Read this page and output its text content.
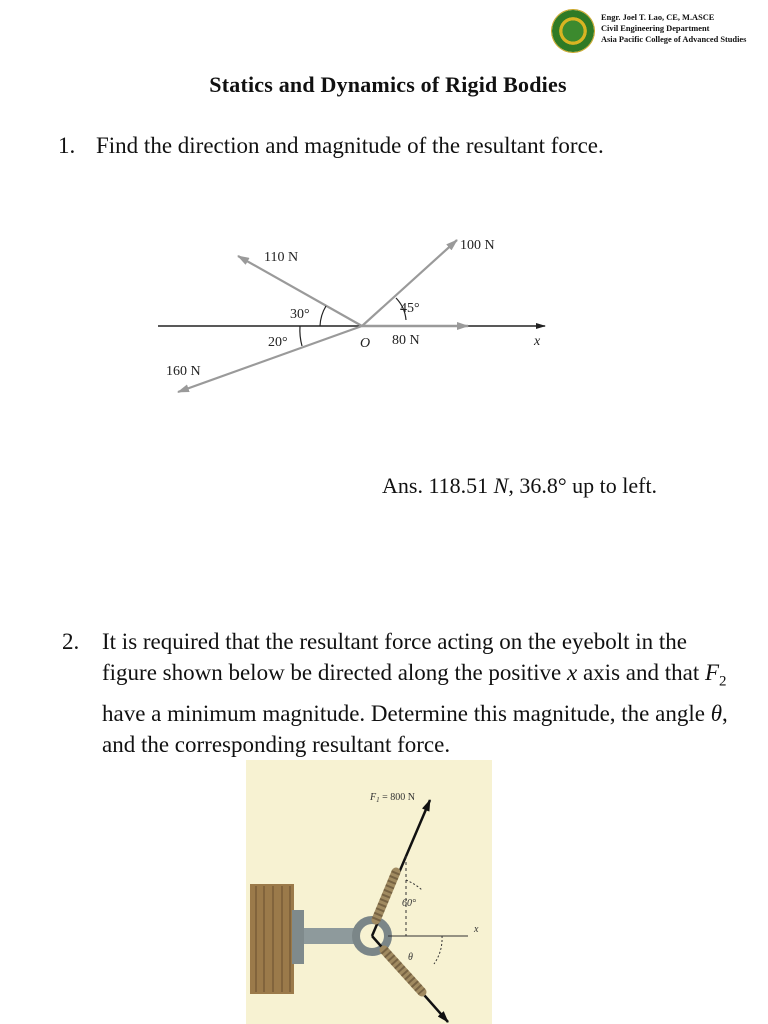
Engr. Joel T. Lao, CE, M.ASCE
Civil Engineering Department
Asia Pacific College of Advanced Studies
Statics and Dynamics of Rigid Bodies
1. Find the direction and magnitude of the resultant force.
110 N
100 N
160 N
80 N
30°	45°
20°	O	x
Ans. 118.51 N, 36.8° up to left.
2. It is required that the resultant force acting on the eyebolt in the figure shown below be directed along the positive x axis and that $F_2$ have a minimum magnitude. Determine this magnitude, the angle θ, and the corresponding resultant force.
$F_1 = 800$ N
60°
x
θ
